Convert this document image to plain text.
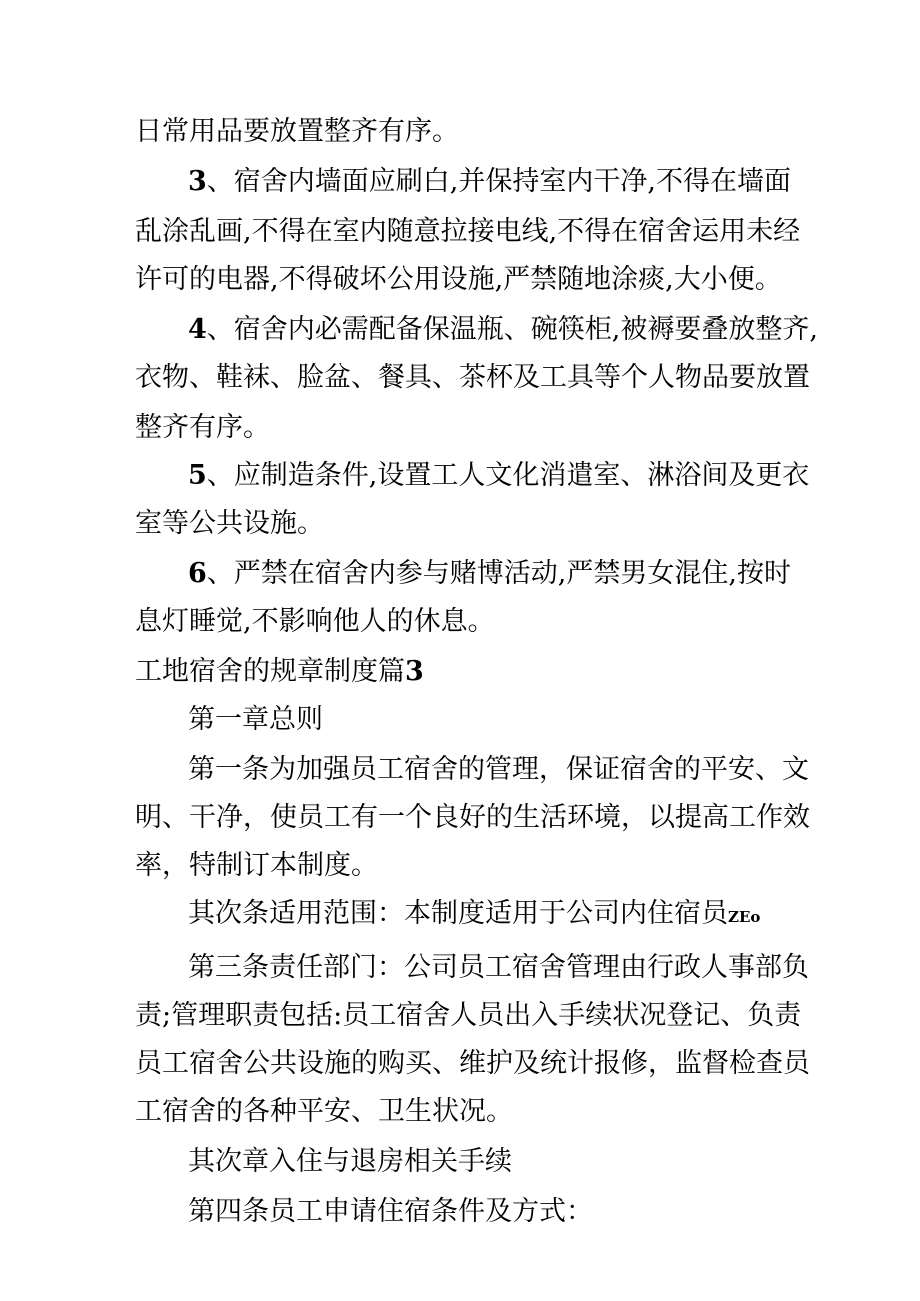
日常用品要放置整齐有序。

3、宿舍内墙面应刷白,并保持室内干净,不得在墙面

乱涂乱画,不得在室内随意拉接电线,不得在宿舍运用未经

许可的电器,不得破坏公用设施,严禁随地涂痰,大小便。

4、宿舍内必需配备保温瓶、碗筷柜,被褥要叠放整齐,

衣物、鞋袜、脸盆、餐具、茶杯及工具等个人物品要放置

整齐有序。

5、应制造条件,设置工人文化消遣室、淋浴间及更衣

室等公共设施。

6、严禁在宿舍内参与赌博活动,严禁男女混住,按时

息灯睡觉,不影响他人的休息。

工地宿舍的规章制度篇3

第一章总则

第一条为加强员工宿舍的管理，保证宿舍的平安、文

明、干净，使员工有一个良好的生活环境，以提高工作效

率，特制订本制度。

其次条适用范围：本制度适用于公司内住宿员ZEo

第三条责任部门：公司员工宿舍管理由行政人事部负

责;管理职责包括:员工宿舍人员出入手续状况登记、负责

员工宿舍公共设施的购买、维护及统计报修，监督检查员

工宿舍的各种平安、卫生状况。

其次章入住与退房相关手续

第四条员工申请住宿条件及方式：
